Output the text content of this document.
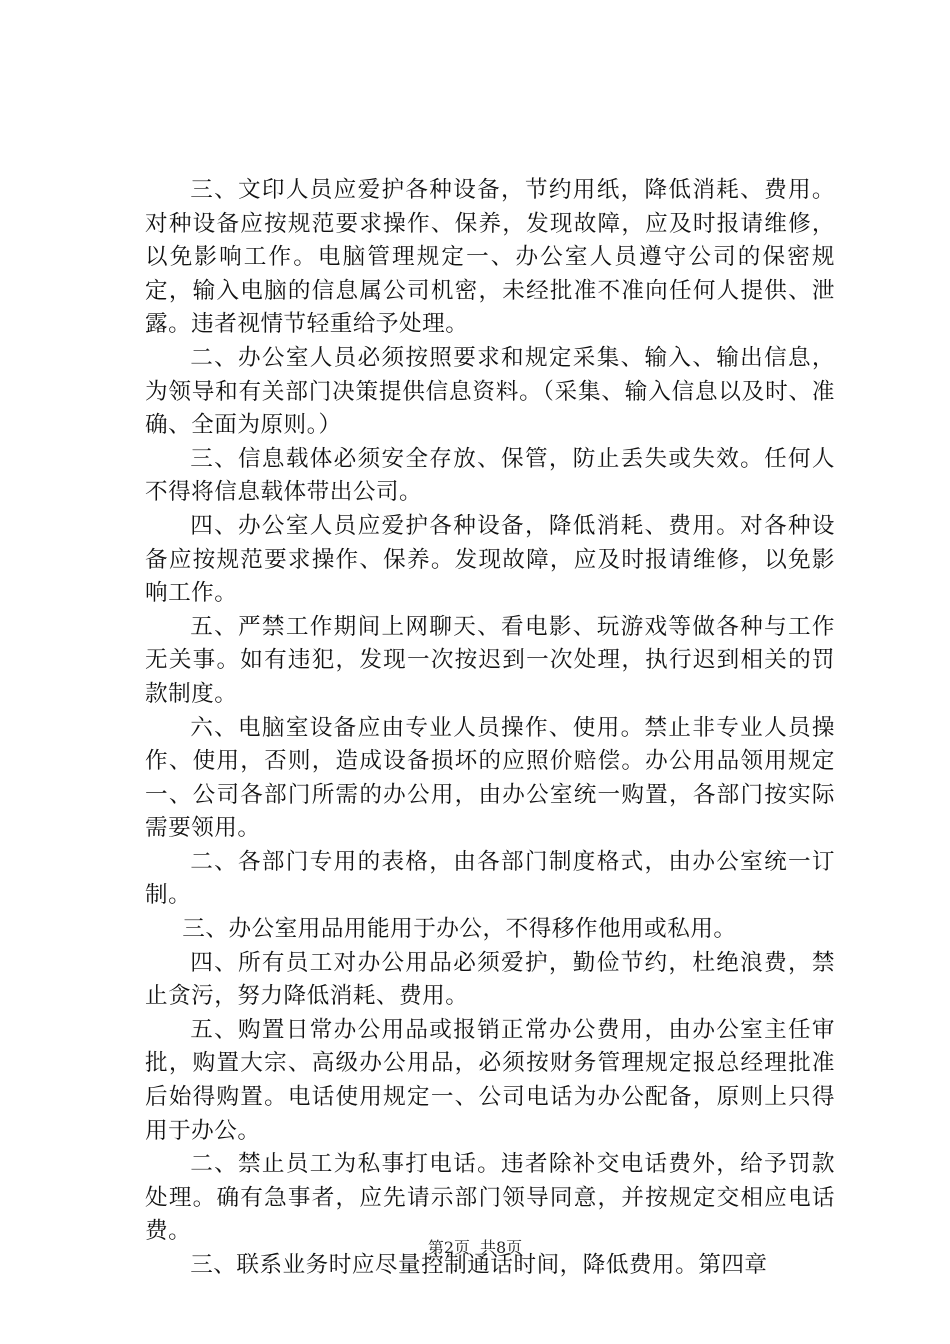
三、文印人员应爱护各种设备，节约用纸，降低消耗、费用。对种设备应按规范要求操作、保养，发现故障，应及时报请维修，以免影响工作。电脑管理规定一、办公室人员遵守公司的保密规定，输入电脑的信息属公司机密，未经批准不准向任何人提供、泄露。违者视情节轻重给予处理。

二、办公室人员必须按照要求和规定采集、输入、输出信息，为领导和有关部门决策提供信息资料。（采集、输入信息以及时、准确、全面为原则。）

三、信息载体必须安全存放、保管，防止丢失或失效。任何人不得将信息载体带出公司。

四、办公室人员应爱护各种设备，降低消耗、费用。对各种设备应按规范要求操作、保养。发现故障，应及时报请维修，以免影响工作。

五、严禁工作期间上网聊天、看电影、玩游戏等做各种与工作无关事。如有违犯，发现一次按迟到一次处理，执行迟到相关的罚款制度。

六、电脑室设备应由专业人员操作、使用。禁止非专业人员操作、使用，否则，造成设备损坏的应照价赔偿。办公用品领用规定一、公司各部门所需的办公用，由办公室统一购置，各部门按实际需要领用。

二、各部门专用的表格，由各部门制度格式，由办公室统一订制。

三、办公室用品用能用于办公，不得移作他用或私用。

四、所有员工对办公用品必须爱护，勤俭节约，杜绝浪费，禁止贪污，努力降低消耗、费用。

五、购置日常办公用品或报销正常办公费用，由办公室主任审批，购置大宗、高级办公用品，必须按财务管理规定报总经理批准后始得购置。电话使用规定一、公司电话为办公配备，原则上只得用于办公。

二、禁止员工为私事打电话。违者除补交电话费外，给予罚款处理。确有急事者，应先请示部门领导同意，并按规定交相应电话费。

三、联系业务时应尽量控制通话时间，降低费用。第四章

第2页 共8页
